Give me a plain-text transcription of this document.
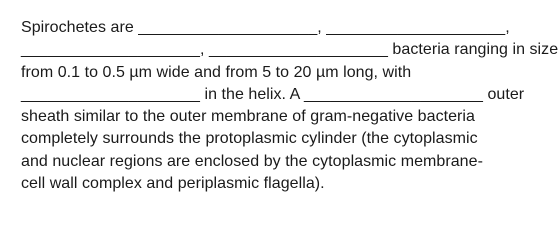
Spirochetes are ____________________, ____________________,
____________________, ____________________ bacteria ranging in size
from 0.1 to 0.5 µm wide and from 5 to 20 µm long, with
____________________ in the helix. A ____________________ outer
sheath similar to the outer membrane of gram-negative bacteria
completely surrounds the protoplasmic cylinder (the cytoplasmic
and nuclear regions are enclosed by the cytoplasmic membrane-
cell wall complex and periplasmic flagella).
